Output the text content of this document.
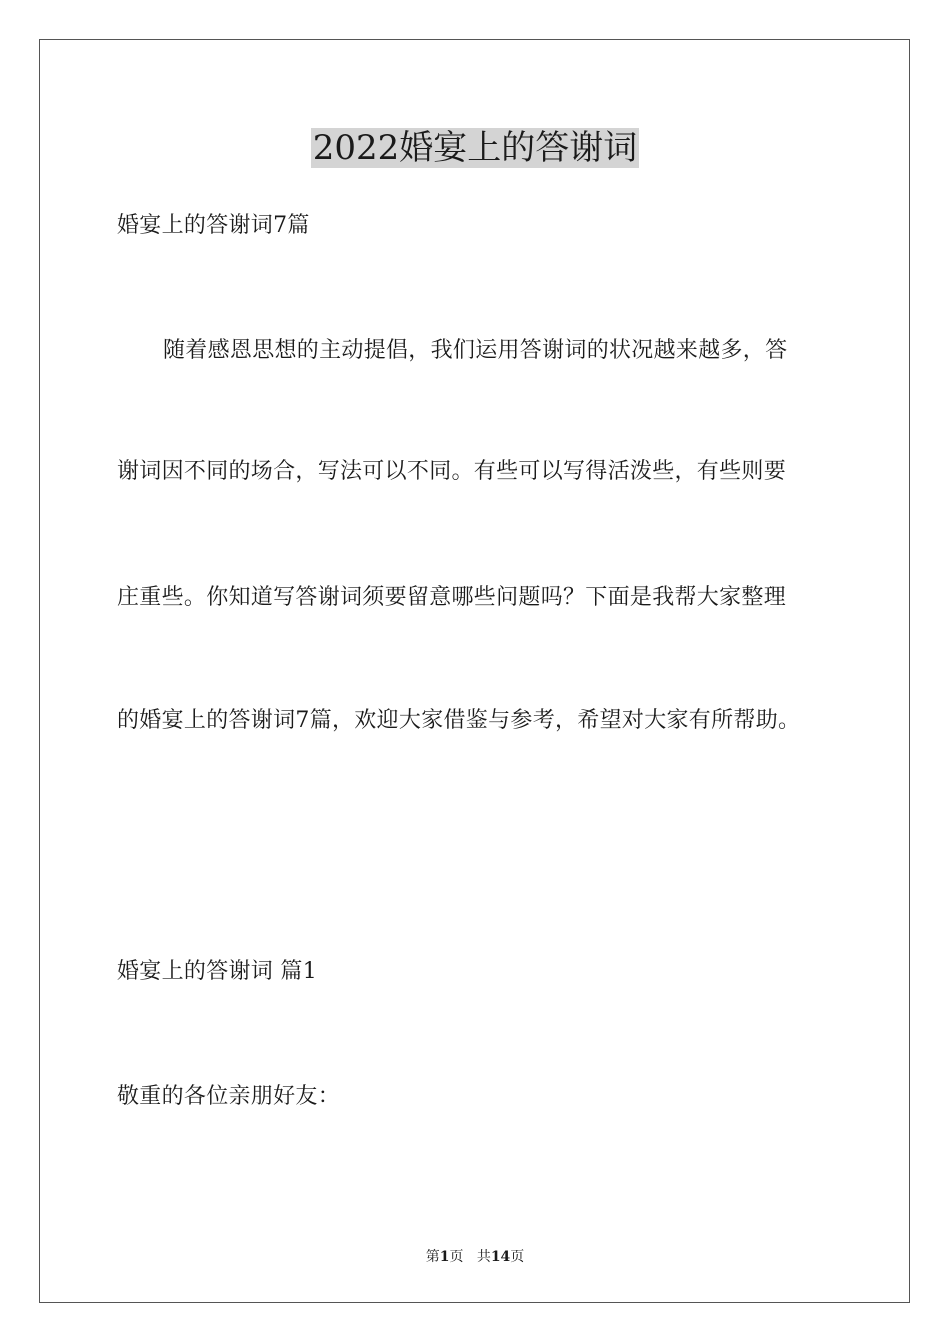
2022婚宴上的答谢词
婚宴上的答谢词7篇
随着感恩思想的主动提倡，我们运用答谢词的状况越来越多，答
谢词因不同的场合，写法可以不同。有些可以写得活泼些，有些则要
庄重些。你知道写答谢词须要留意哪些问题吗？下面是我帮大家整理
的婚宴上的答谢词7篇，欢迎大家借鉴与参考，希望对大家有所帮助。
婚宴上的答谢词 篇1
敬重的各位亲朋好友：
第1页 共14页
